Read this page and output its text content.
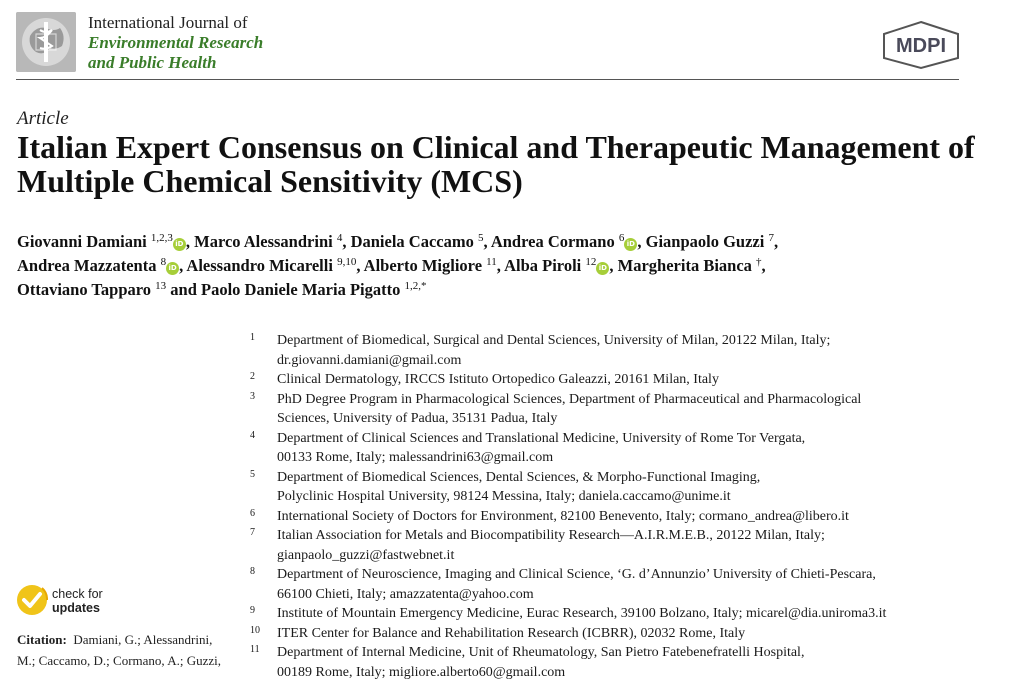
International Journal of
Environmental Research
and Public Health
MDPI
Article
Italian Expert Consensus on Clinical and Therapeutic Management of Multiple Chemical Sensitivity (MCS)
Giovanni Damiani $^{1,2,3}$ iD , Marco Alessandrini $^4$, Daniela Caccamo $^5$, Andrea Cormano $^6$ iD , Gianpaolo Guzzi $^7$,
Andrea Mazzatenta $^8$ iD , Alessandro Micarelli $^{9,10}$, Alberto Migliore $^{11}$, Alba Piroli $^{12}$ iD , Margherita Bianca †,
Ottaviano Tapparo $^{13}$ and Paolo Daniele Maria Pigatto $^{1,2,*}$
1 Department of Biomedical, Surgical and Dental Sciences, University of Milan, 20122 Milan, Italy;
dr.giovanni.damiani@gmail.com
2 Clinical Dermatology, IRCCS Istituto Ortopedico Galeazzi, 20161 Milan, Italy
3 PhD Degree Program in Pharmacological Sciences, Department of Pharmaceutical and Pharmacological
Sciences, University of Padua, 35131 Padua, Italy
4 Department of Clinical Sciences and Translational Medicine, University of Rome Tor Vergata,
00133 Rome, Italy; malessandrini63@gmail.com
5 Department of Biomedical Sciences, Dental Sciences, & Morpho-Functional Imaging,
Polyclinic Hospital University, 98124 Messina, Italy; daniela.caccamo@unime.it
6 International Society of Doctors for Environment, 82100 Benevento, Italy; cormano_andrea@libero.it
7 Italian Association for Metals and Biocompatibility Research—A.I.R.M.E.B., 20122 Milan, Italy;
gianpaolo_guzzi@fastwebnet.it
8 Department of Neuroscience, Imaging and Clinical Science, ‘G. d’Annunzio’ University of Chieti-Pescara,
66100 Chieti, Italy; amazzatenta@yahoo.com
9 Institute of Mountain Emergency Medicine, Eurac Research, 39100 Bolzano, Italy; micarel@dia.uniroma3.it
10 ITER Center for Balance and Rehabilitation Research (ICBRR), 02032 Rome, Italy
11 Department of Internal Medicine, Unit of Rheumatology, San Pietro Fatebenefratelli Hospital,
00189 Rome, Italy; migliore.alberto60@gmail.com
check for
updates
Citation: Damiani, G.; Alessandrini,
M.; Caccamo, D.; Cormano, A.; Guzzi,
